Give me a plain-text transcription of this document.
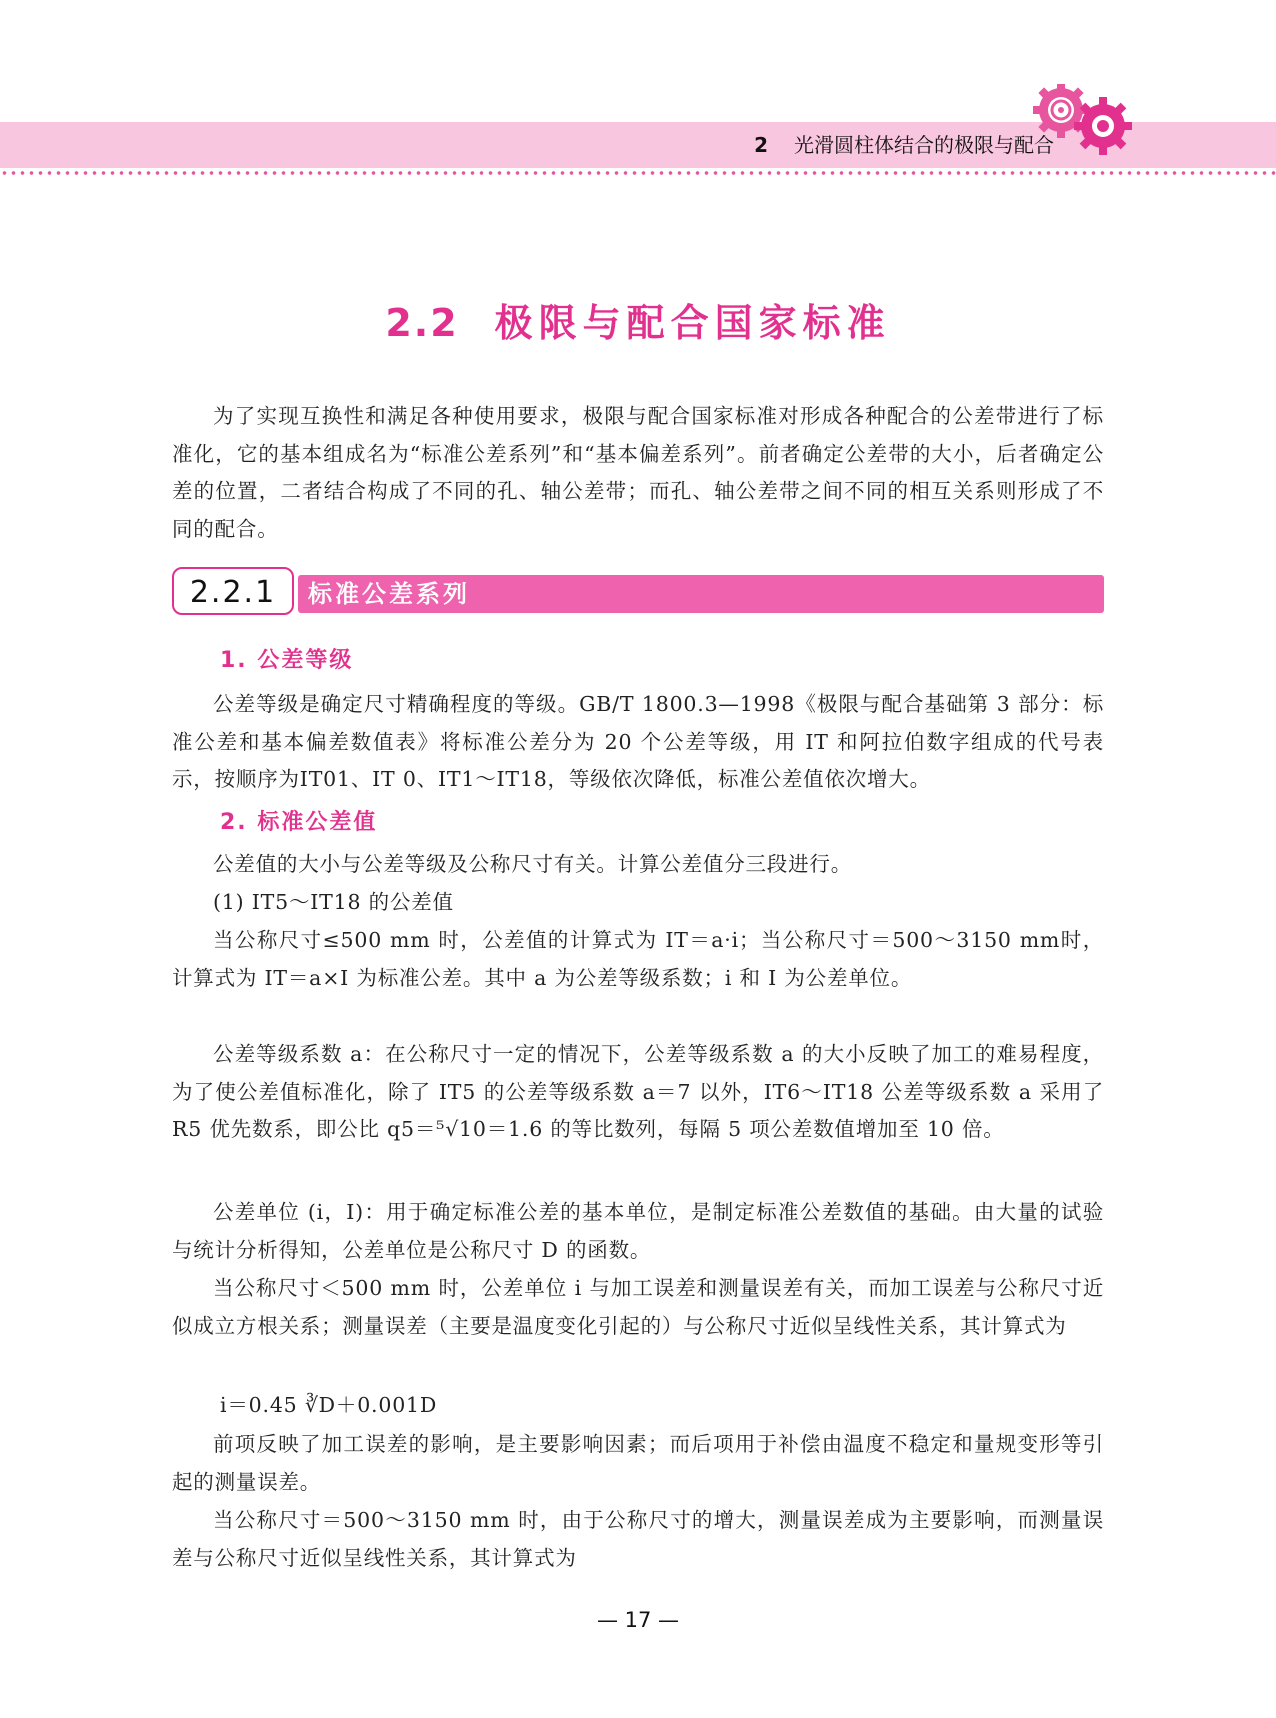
2 光滑圆柱体结合的极限与配合
2.2 极限与配合国家标准

为了实现互换性和满足各种使用要求，极限与配合国家标准对形成各种配合的公差带进行了标准化，它的基本组成名为“标准公差系列”和“基本偏差系列”。前者确定公差带的大小，后者确定公差的位置，二者结合构成了不同的孔、轴公差带；而孔、轴公差带之间不同的相互关系则形成了不同的配合。

2.2.1	标准公差系列
1. 公差等级

公差等级是确定尺寸精确程度的等级。GB/T 1800.3—1998《极限与配合基础第 3 部分：标准公差和基本偏差数值表》将标准公差分为 20 个公差等级，用 IT 和阿拉伯数字组成的代号表示，按顺序为IT01、IT 0、IT1～IT18，等级依次降低，标准公差值依次增大。

2. 标准公差值

公差值的大小与公差等级及公称尺寸有关。计算公差值分三段进行。

(1) IT5～IT18 的公差值

当公称尺寸≤500 mm 时，公差值的计算式为 IT＝a·i；当公称尺寸＝500～3150 mm时，计算式为 IT＝a×I 为标准公差。其中 a 为公差等级系数；i 和 I 为公差单位。

公差等级系数 a：在公称尺寸一定的情况下，公差等级系数 a 的大小反映了加工的难易程度，为了使公差值标准化，除了 IT5 的公差等级系数 a＝7 以外，IT6～IT18 公差等级系数 a 采用了 R5 优先数系，即公比 q5＝⁵√10＝1.6 的等比数列，每隔 5 项公差数值增加至 10 倍。

公差单位 (i，I)：用于确定标准公差的基本单位，是制定标准公差数值的基础。由大量的试验与统计分析得知，公差单位是公称尺寸 D 的函数。

当公称尺寸＜500 mm 时，公差单位 i 与加工误差和测量误差有关，而加工误差与公称尺寸近似成立方根关系；测量误差（主要是温度变化引起的）与公称尺寸近似呈线性关系，其计算式为

i＝0.45 ∛D＋0.001D

前项反映了加工误差的影响，是主要影响因素；而后项用于补偿由温度不稳定和量规变形等引起的测量误差。

当公称尺寸＝500～3150 mm 时，由于公称尺寸的增大，测量误差成为主要影响，而测量误差与公称尺寸近似呈线性关系，其计算式为

— 17 —
